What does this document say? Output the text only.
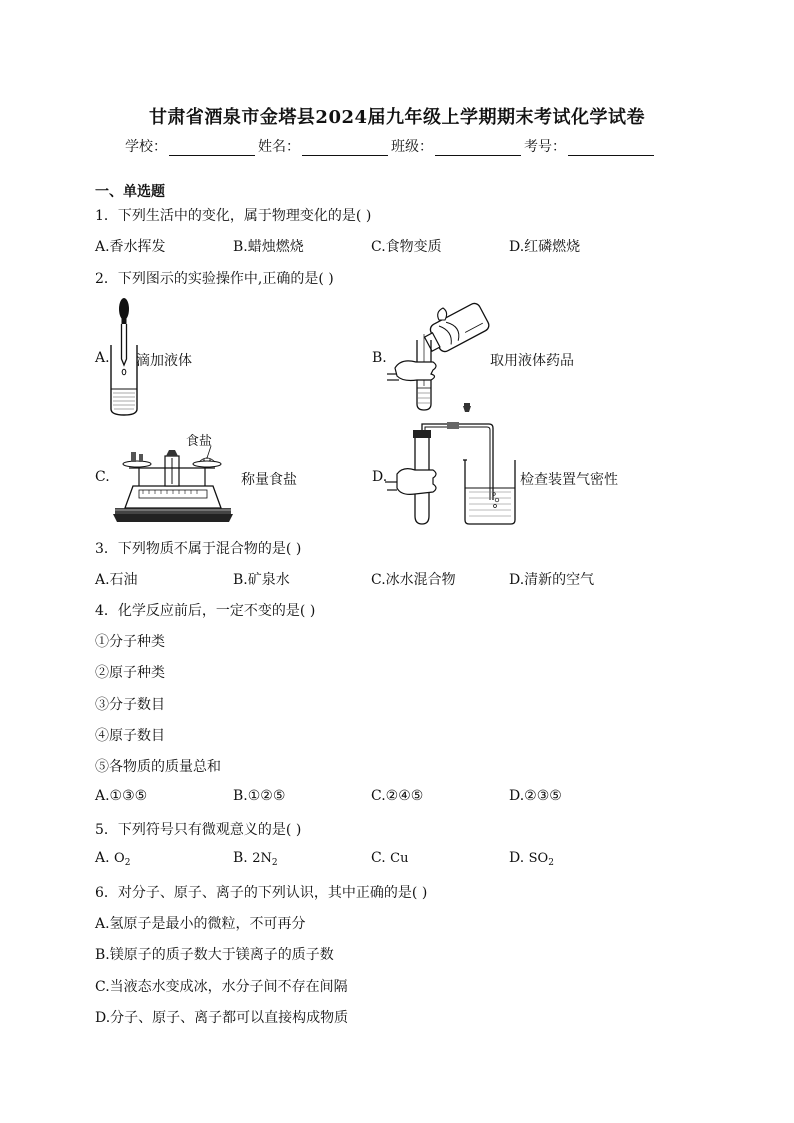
甘肃省酒泉市金塔县2024届九年级上学期期末考试化学试卷
学校：	姓名：	班级：	考号：
一、单选题
1．下列生活中的变化，属于物理变化的是( )
A.香水挥发	B.蜡烛燃烧	C.食物变质	D.红磷燃烧
2．下列图示的实验操作中,正确的是( )
A. 滴加液体	B.	取用液体药品
C.
食盐
称量食盐	D.	检查装置气密性
3．下列物质不属于混合物的是( )
A.石油	B.矿泉水	C.冰水混合物	D.清新的空气
4．化学反应前后，一定不变的是( )
①分子种类
②原子种类
③分子数目
④原子数目
⑤各物质的质量总和
A.①③⑤	B.①②⑤	C.②④⑤	D.②③⑤
5．下列符号只有微观意义的是( )
A. $O_2$	B. $2N_2$	C. Cu	D. $SO_2$
6．对分子、原子、离子的下列认识，其中正确的是( )
A.氢原子是最小的微粒，不可再分
B.镁原子的质子数大于镁离子的质子数
C.当液态水变成冰，水分子间不存在间隔
D.分子、原子、离子都可以直接构成物质
